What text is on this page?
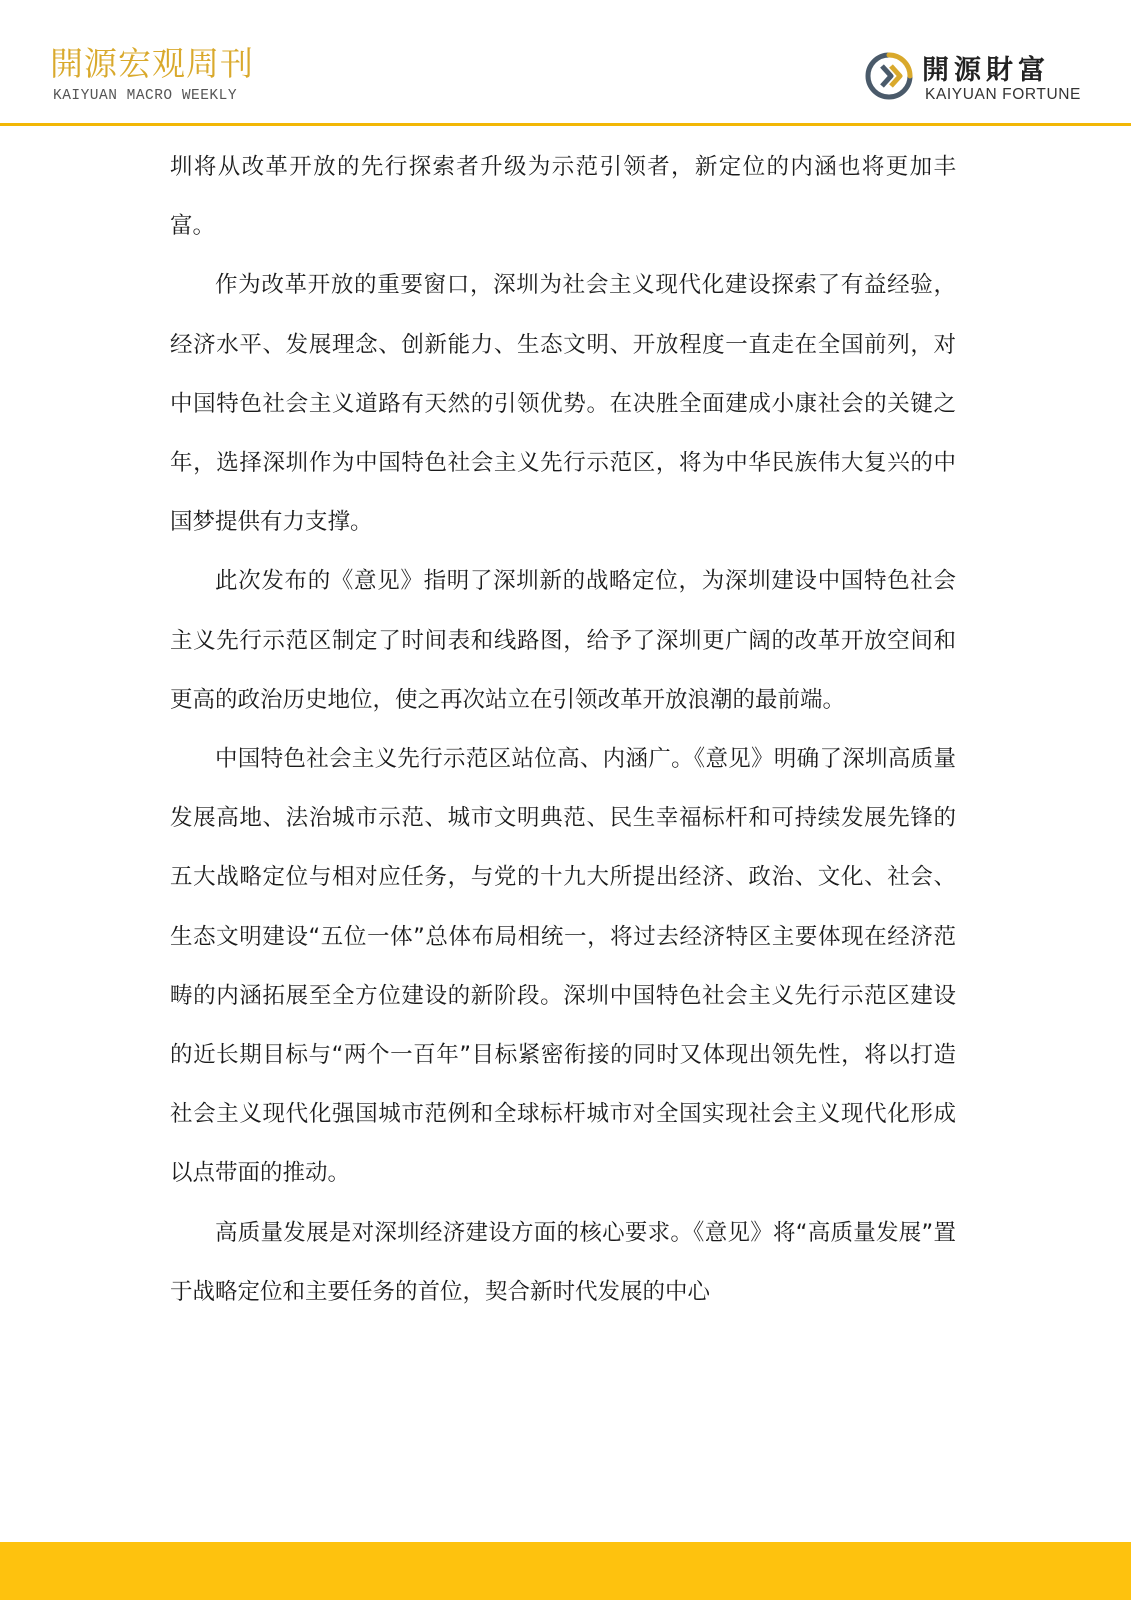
開源宏观周刊
KAIYUAN MACRO WEEKLY
開源財富
KAIYUAN FORTUNE

圳将从改革开放的先行探索者升级为示范引领者，新定位的内涵也将更加丰富。

作为改革开放的重要窗口，深圳为社会主义现代化建设探索了有益经验，经济水平、发展理念、创新能力、生态文明、开放程度一直走在全国前列，对中国特色社会主义道路有天然的引领优势。在决胜全面建成小康社会的关键之年，选择深圳作为中国特色社会主义先行示范区，将为中华民族伟大复兴的中国梦提供有力支撑。

此次发布的《意见》指明了深圳新的战略定位，为深圳建设中国特色社会主义先行示范区制定了时间表和线路图，给予了深圳更广阔的改革开放空间和更高的政治历史地位，使之再次站立在引领改革开放浪潮的最前端。

中国特色社会主义先行示范区站位高、内涵广。《意见》明确了深圳高质量发展高地、法治城市示范、城市文明典范、民生幸福标杆和可持续发展先锋的五大战略定位与相对应任务，与党的十九大所提出经济、政治、文化、社会、生态文明建设“五位一体”总体布局相统一，将过去经济特区主要体现在经济范畴的内涵拓展至全方位建设的新阶段。深圳中国特色社会主义先行示范区建设的近长期目标与“两个一百年”目标紧密衔接的同时又体现出领先性，将以打造社会主义现代化强国城市范例和全球标杆城市对全国实现社会主义现代化形成以点带面的推动。

高质量发展是对深圳经济建设方面的核心要求。《意见》将“高质量发展”置于战略定位和主要任务的首位，契合新时代发展的中心
